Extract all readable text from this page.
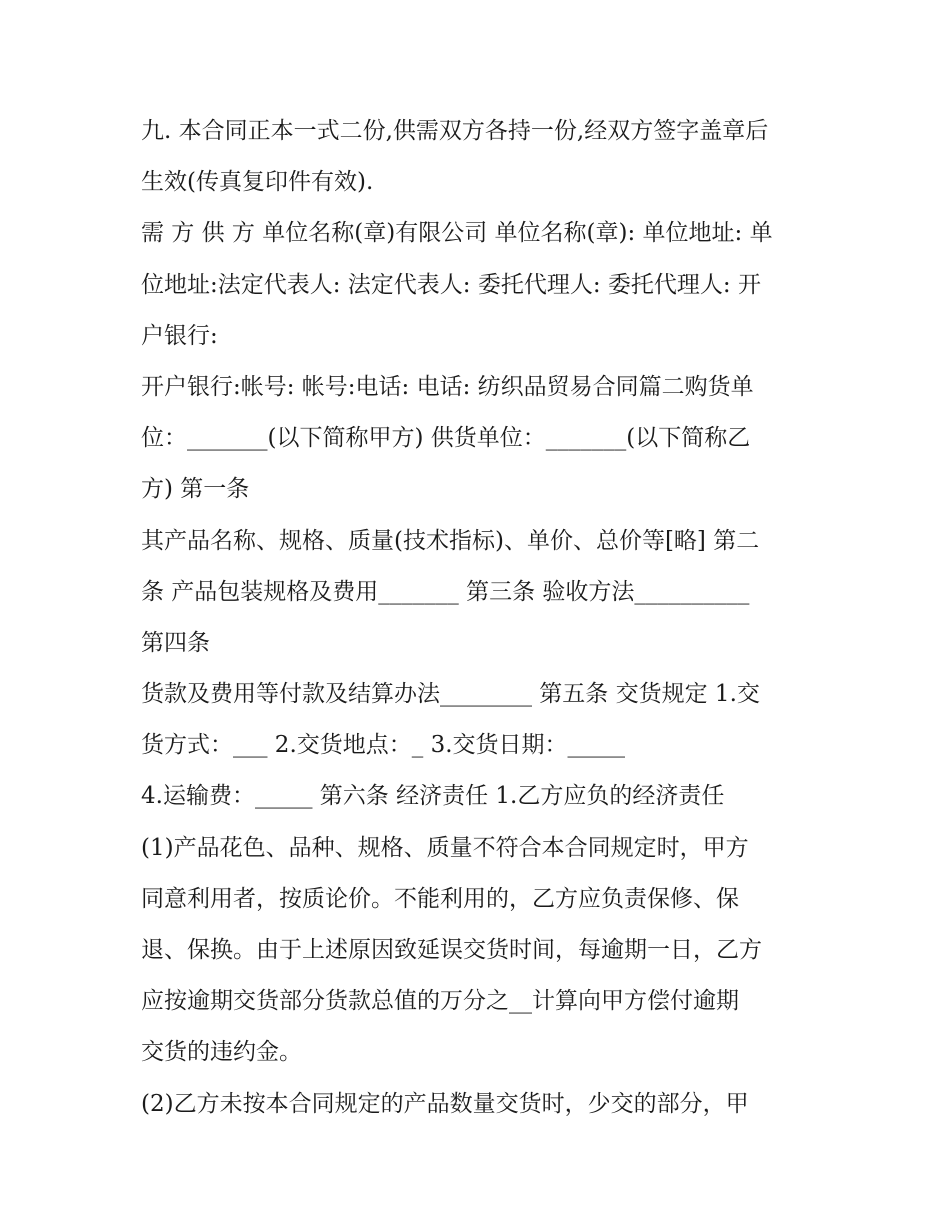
九. 本合同正本一式二份,供需双方各持一份,经双方签字盖章后
生效(传真复印件有效).
需 方 供 方 单位名称(章)有限公司 单位名称(章): 单位地址: 单
位地址:法定代表人: 法定代表人: 委托代理人: 委托代理人: 开
户银行:
开户银行:帐号: 帐号:电话: 电话: 纺织品贸易合同篇二购货单
位：_______(以下简称甲方) 供货单位：_______(以下简称乙
方) 第一条
其产品名称、规格、质量(技术指标)、单价、总价等[略] 第二
条 产品包装规格及费用_______ 第三条 验收方法__________
第四条
货款及费用等付款及结算办法________ 第五条 交货规定 1.交
货方式：___ 2.交货地点：_ 3.交货日期：_____
4.运输费：_____ 第六条 经济责任 1.乙方应负的经济责任
(1)产品花色、品种、规格、质量不符合本合同规定时，甲方
同意利用者，按质论价。不能利用的，乙方应负责保修、保
退、保换。由于上述原因致延误交货时间，每逾期一日，乙方
应按逾期交货部分货款总值的万分之__计算向甲方偿付逾期
交货的违约金。
(2)乙方未按本合同规定的产品数量交货时，少交的部分，甲
